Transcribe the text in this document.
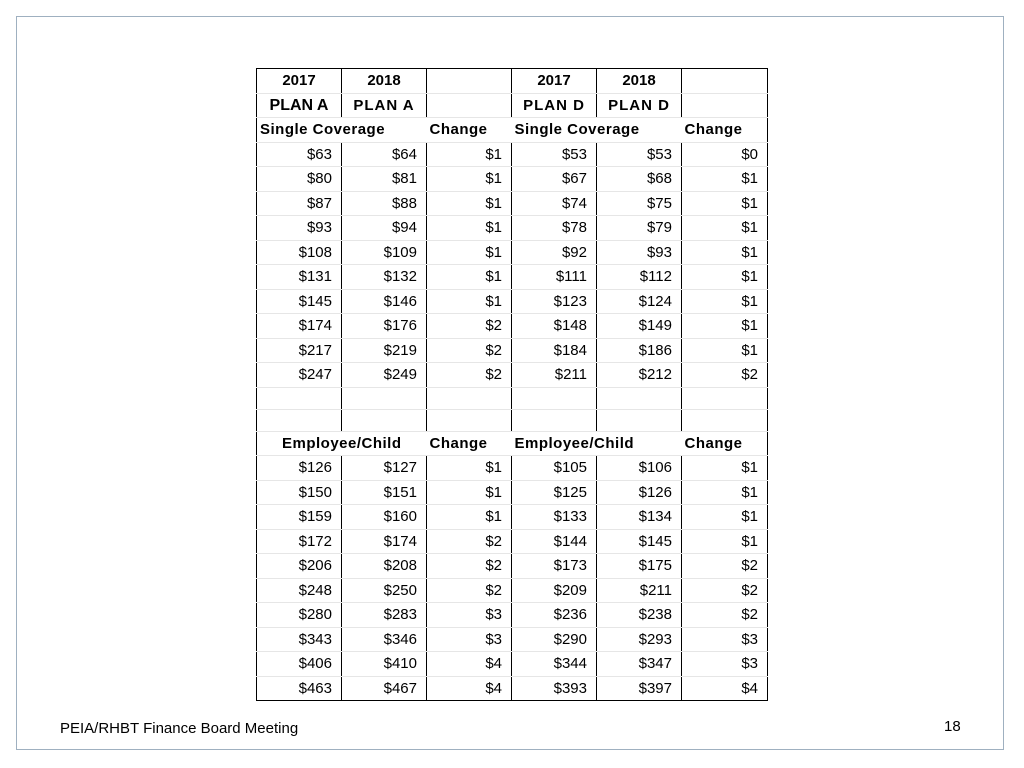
2017	2018		2017	2018	
PLAN A	PLAN A		PLAN D	PLAN D	
Single Coverage		Change	Single Coverage		Change
$63	$64	$1	$53	$53	$0
$80	$81	$1	$67	$68	$1
$87	$88	$1	$74	$75	$1
$93	$94	$1	$78	$79	$1
$108	$109	$1	$92	$93	$1
$131	$132	$1	$111	$112	$1
$145	$146	$1	$123	$124	$1
$174	$176	$2	$148	$149	$1
$217	$219	$2	$184	$186	$1
$247	$249	$2	$211	$212	$2

Employee/Child		Change	Employee/Child		Change
$126	$127	$1	$105	$106	$1
$150	$151	$1	$125	$126	$1
$159	$160	$1	$133	$134	$1
$172	$174	$2	$144	$145	$1
$206	$208	$2	$173	$175	$2
$248	$250	$2	$209	$211	$2
$280	$283	$3	$236	$238	$2
$343	$346	$3	$290	$293	$3
$406	$410	$4	$344	$347	$3
$463	$467	$4	$393	$397	$4
PEIA/RHBT Finance Board Meeting	18
